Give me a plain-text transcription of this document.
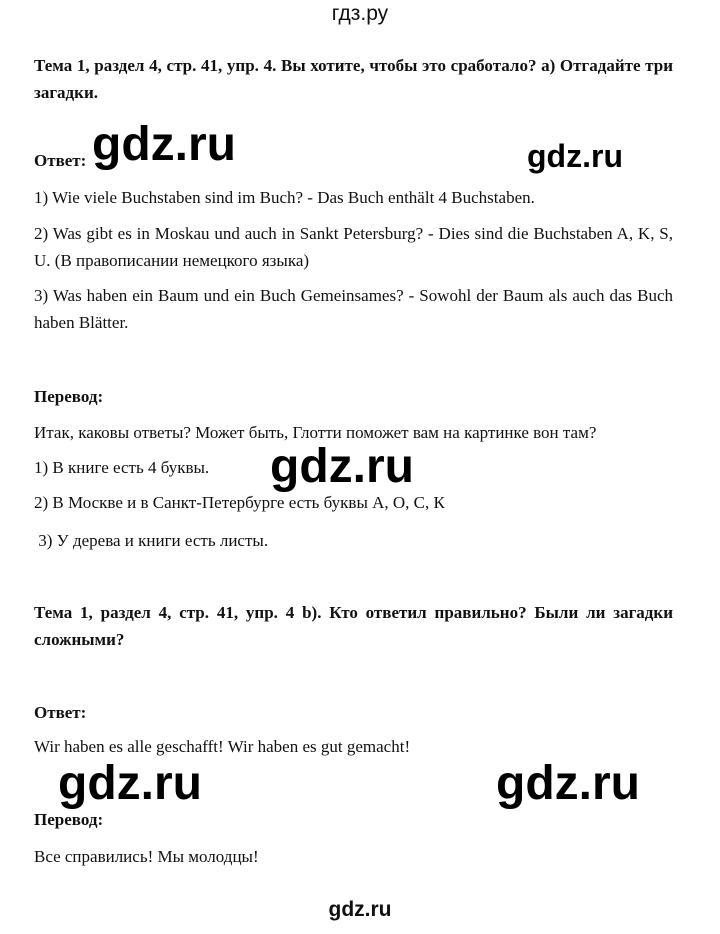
гдз.ру

Тема 1, раздел 4, стр. 41, упр. 4. Вы хотите, чтобы это сработало? а) Отгадайте три загадки.

Ответ:

1) Wie viele Buchstaben sind im Buch? - Das Buch enthält 4 Buchstaben.

2) Was gibt es in Moskau und auch in Sankt Petersburg? - Dies sind die Buchstaben A, K, S, U. (В правописании немецкого языка)

3) Was haben ein Baum und ein Buch Gemeinsames? - Sowohl der Baum als auch das Buch haben Blätter.

Перевод:

Итак, каковы ответы? Может быть, Глотти поможет вам на картинке вон там?

1) В книге есть 4 буквы.

2) В Москве и в Санкт-Петербурге есть буквы А, О, С, К

3) У дерева и книги есть листы.

Тема 1, раздел 4, стр. 41, упр. 4 b). Кто ответил правильно? Были ли загадки сложными?

Ответ:

Wir haben es alle geschafft! Wir haben es gut gemacht!

Перевод:

Все справились! Мы молодцы!

gdz.ru	gdz.ru
gdz.ru
gdz.ru	gdz.ru
gdz.ru
